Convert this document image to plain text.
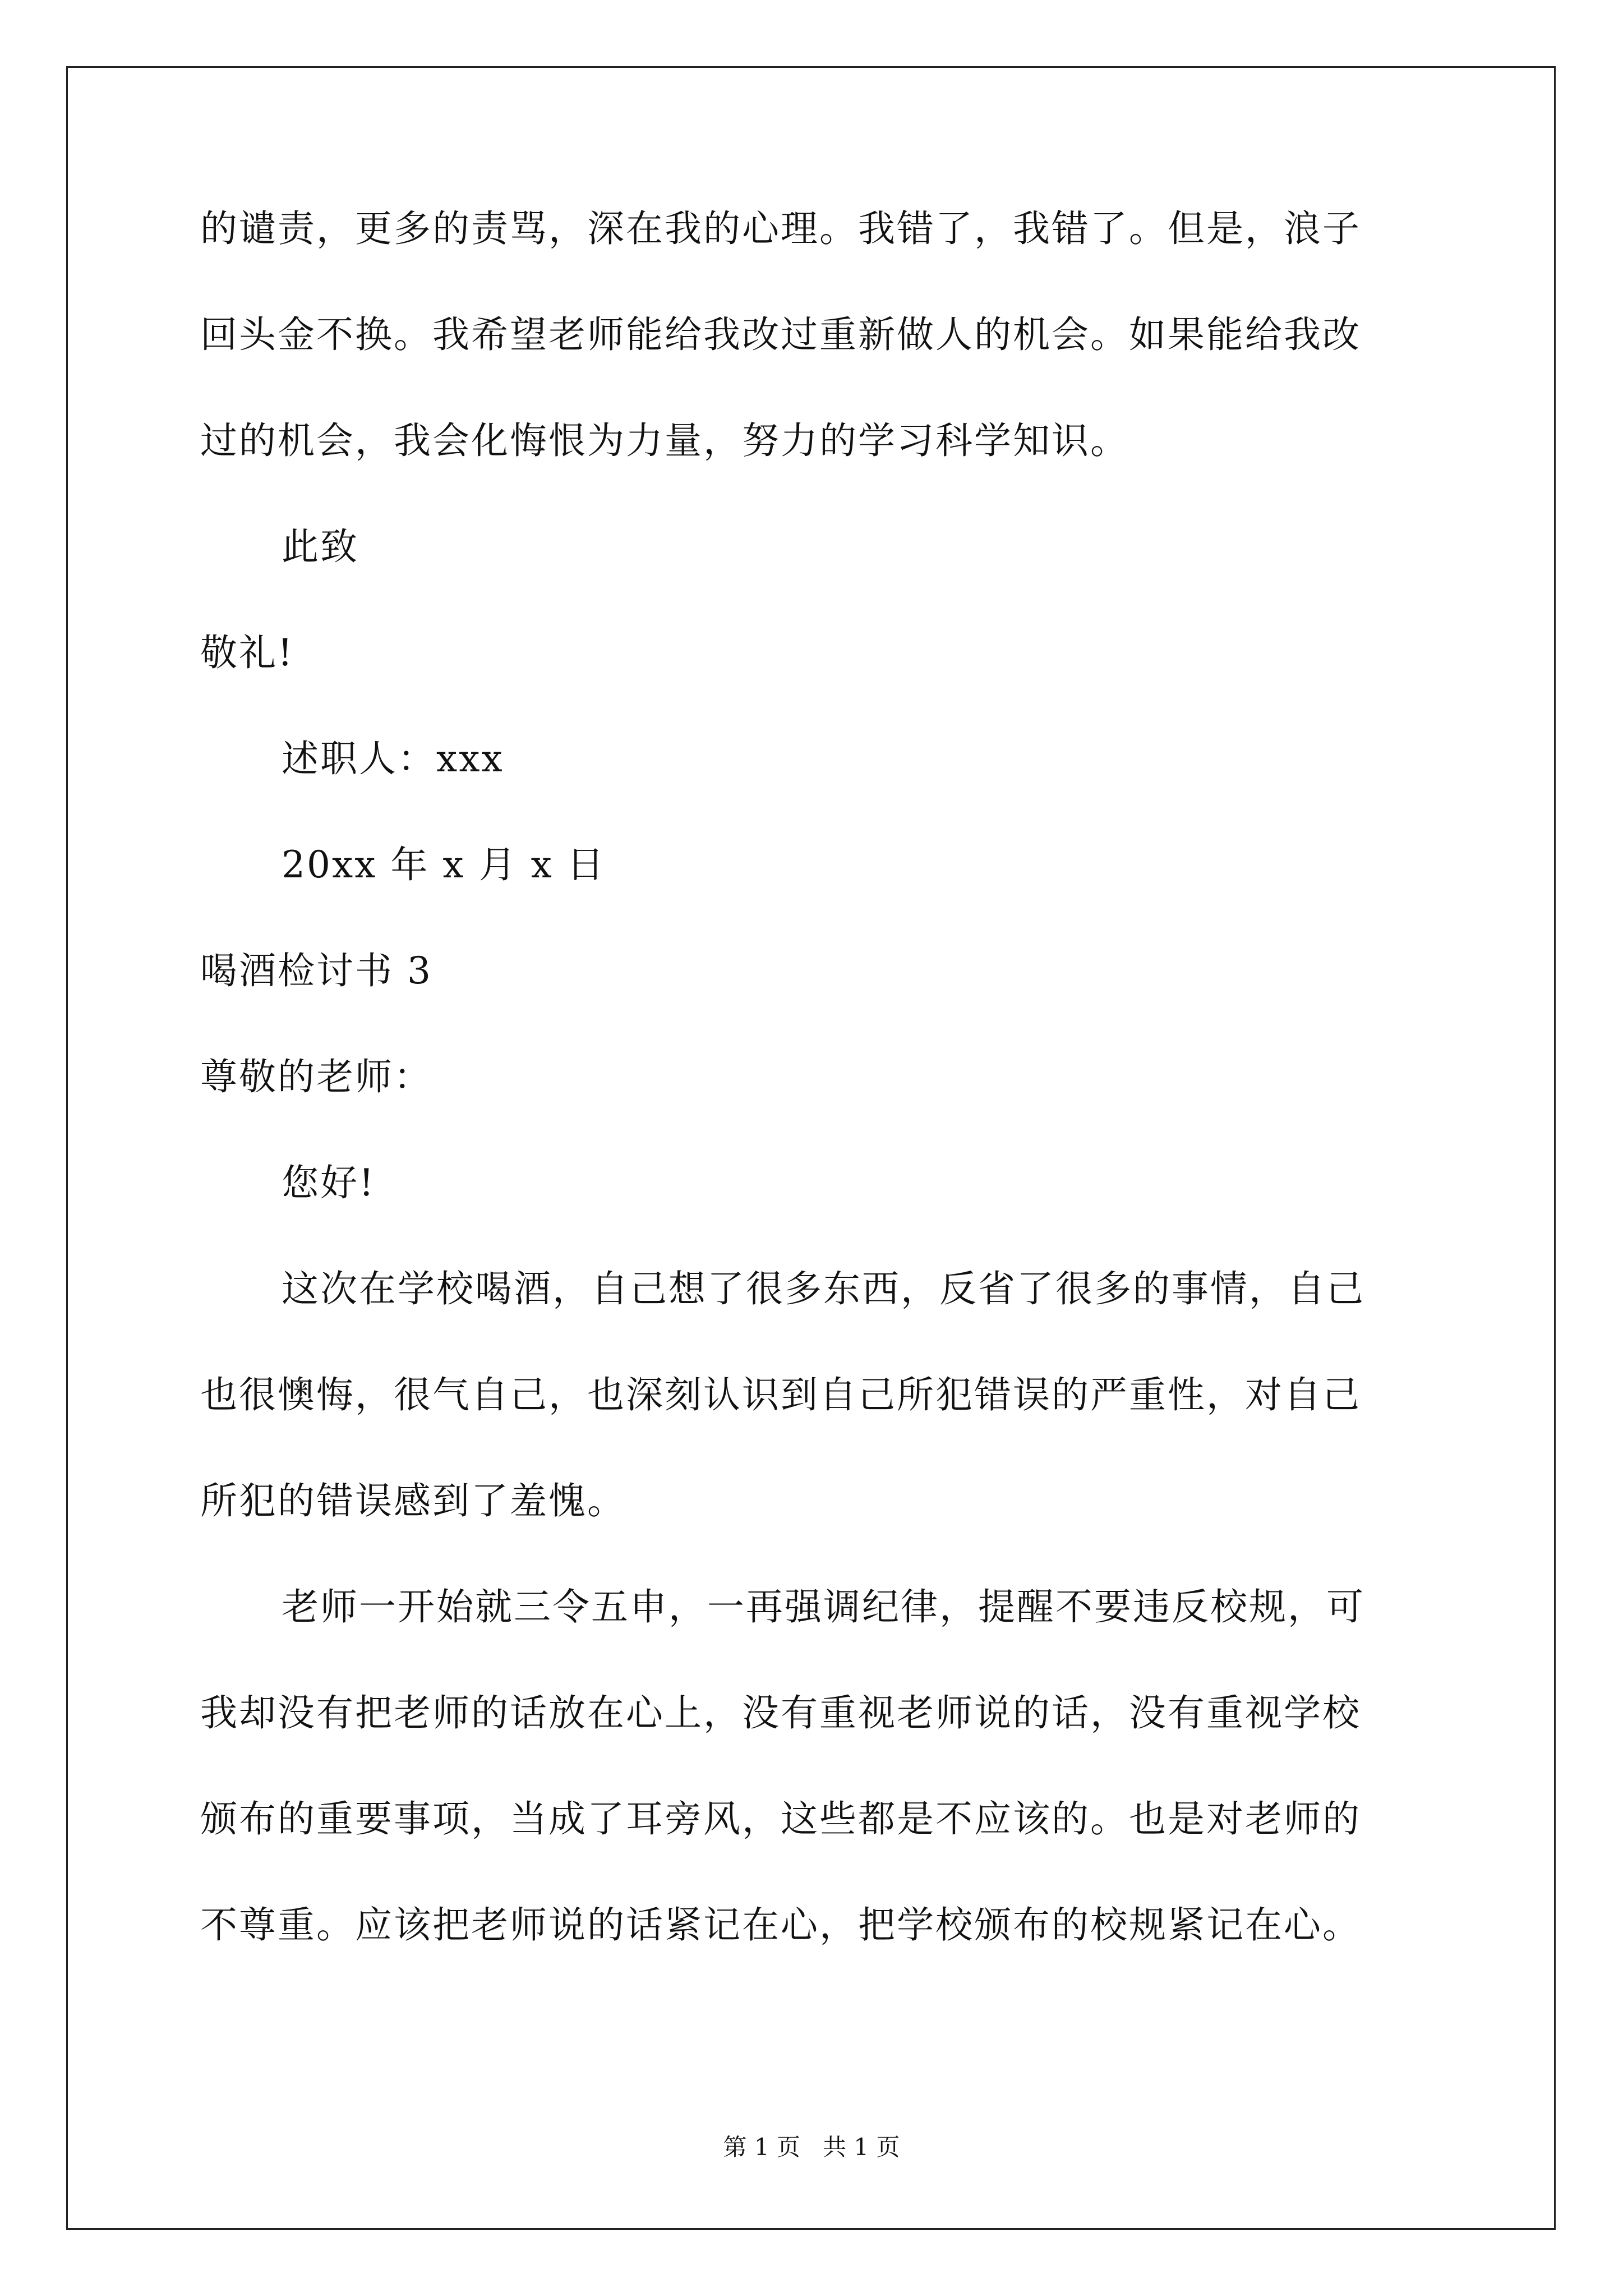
的谴责，更多的责骂，深在我的心理。我错了，我错了。但是，浪子
回头金不换。我希望老师能给我改过重新做人的机会。如果能给我改
过的机会，我会化悔恨为力量，努力的学习科学知识。
此致
敬礼!
述职人：xxx
20xx 年 x 月 x 日
喝酒检讨书 3
尊敬的老师：
您好!
这次在学校喝酒，自己想了很多东西，反省了很多的事情，自己
也很懊悔，很气自己，也深刻认识到自己所犯错误的严重性，对自己
所犯的错误感到了羞愧。
老师一开始就三令五申，一再强调纪律，提醒不要违反校规，可
我却没有把老师的话放在心上，没有重视老师说的话，没有重视学校
颁布的重要事项，当成了耳旁风，这些都是不应该的。也是对老师的
不尊重。应该把老师说的话紧记在心，把学校颁布的校规紧记在心。
第 1 页   共 1 页
